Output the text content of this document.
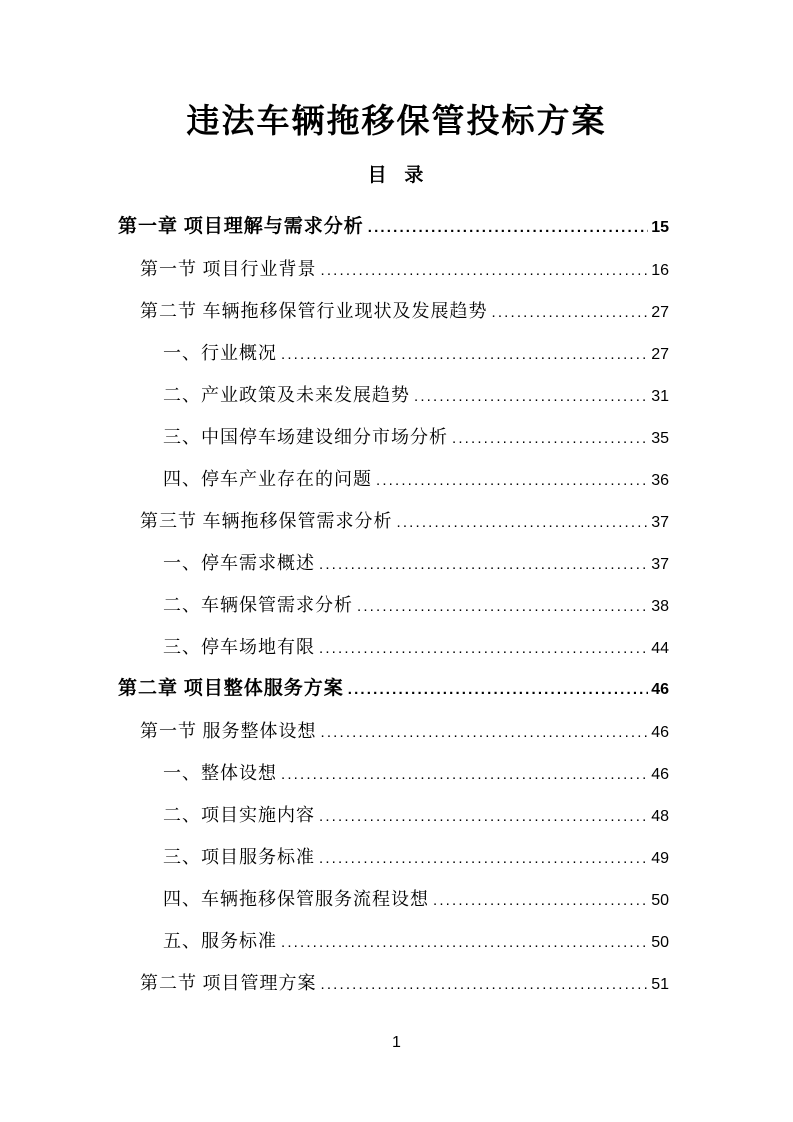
违法车辆拖移保管投标方案
目 录
第一章 项目理解与需求分析 . . .	15
第一节 项目行业背景 . . .	16
第二节 车辆拖移保管行业现状及发展趋势 . . .	27
一、行业概况 . . .	27
二、产业政策及未来发展趋势 . . .	31
三、中国停车场建设细分市场分析 . . .	35
四、停车产业存在的问题 . . .	36
第三节 车辆拖移保管需求分析 . . .	37
一、停车需求概述 . . .	37
二、车辆保管需求分析 . . .	38
三、停车场地有限 . . .	44
第二章 项目整体服务方案 . . .	46
第一节 服务整体设想 . . .	46
一、整体设想 . . .	46
二、项目实施内容 . . .	48
三、项目服务标准 . . .	49
四、车辆拖移保管服务流程设想 . . .	50
五、服务标准 . . .	50
第二节 项目管理方案 . . .	51
1
